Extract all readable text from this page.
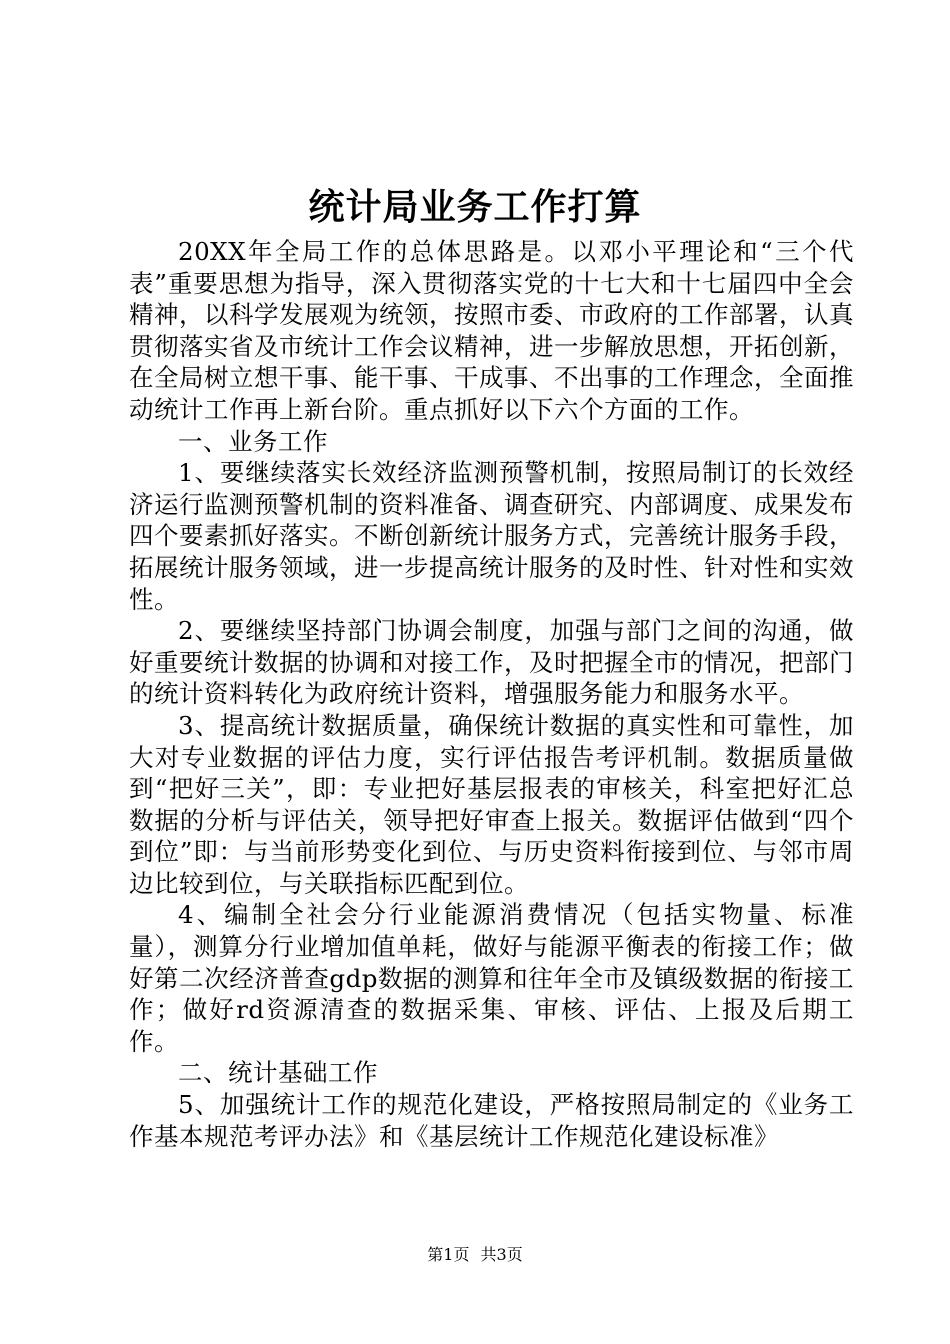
统计局业务工作打算

20XX年全局工作的总体思路是。以邓小平理论和“三个代表”重要思想为指导，深入贯彻落实党的十七大和十七届四中全会精神，以科学发展观为统领，按照市委、市政府的工作部署，认真贯彻落实省及市统计工作会议精神，进一步解放思想，开拓创新，在全局树立想干事、能干事、干成事、不出事的工作理念，全面推动统计工作再上新台阶。重点抓好以下六个方面的工作。

一、业务工作

1、要继续落实长效经济监测预警机制，按照局制订的长效经济运行监测预警机制的资料准备、调查研究、内部调度、成果发布四个要素抓好落实。不断创新统计服务方式，完善统计服务手段，拓展统计服务领域，进一步提高统计服务的及时性、针对性和实效性。

2、要继续坚持部门协调会制度，加强与部门之间的沟通，做好重要统计数据的协调和对接工作，及时把握全市的情况，把部门的统计资料转化为政府统计资料，增强服务能力和服务水平。

3、提高统计数据质量，确保统计数据的真实性和可靠性，加大对专业数据的评估力度，实行评估报告考评机制。数据质量做到“把好三关”，即：专业把好基层报表的审核关，科室把好汇总数据的分析与评估关，领导把好审查上报关。数据评估做到“四个到位”即：与当前形势变化到位、与历史资料衔接到位、与邻市周边比较到位，与关联指标匹配到位。

4、编制全社会分行业能源消费情况（包括实物量、标准量），测算分行业增加值单耗，做好与能源平衡表的衔接工作；做好第二次经济普查gdp数据的测算和往年全市及镇级数据的衔接工作；做好rd资源清查的数据采集、审核、评估、上报及后期工作。

二、统计基础工作

5、加强统计工作的规范化建设，严格按照局制定的《业务工作基本规范考评办法》和《基层统计工作规范化建设标准》

第1页 共3页
